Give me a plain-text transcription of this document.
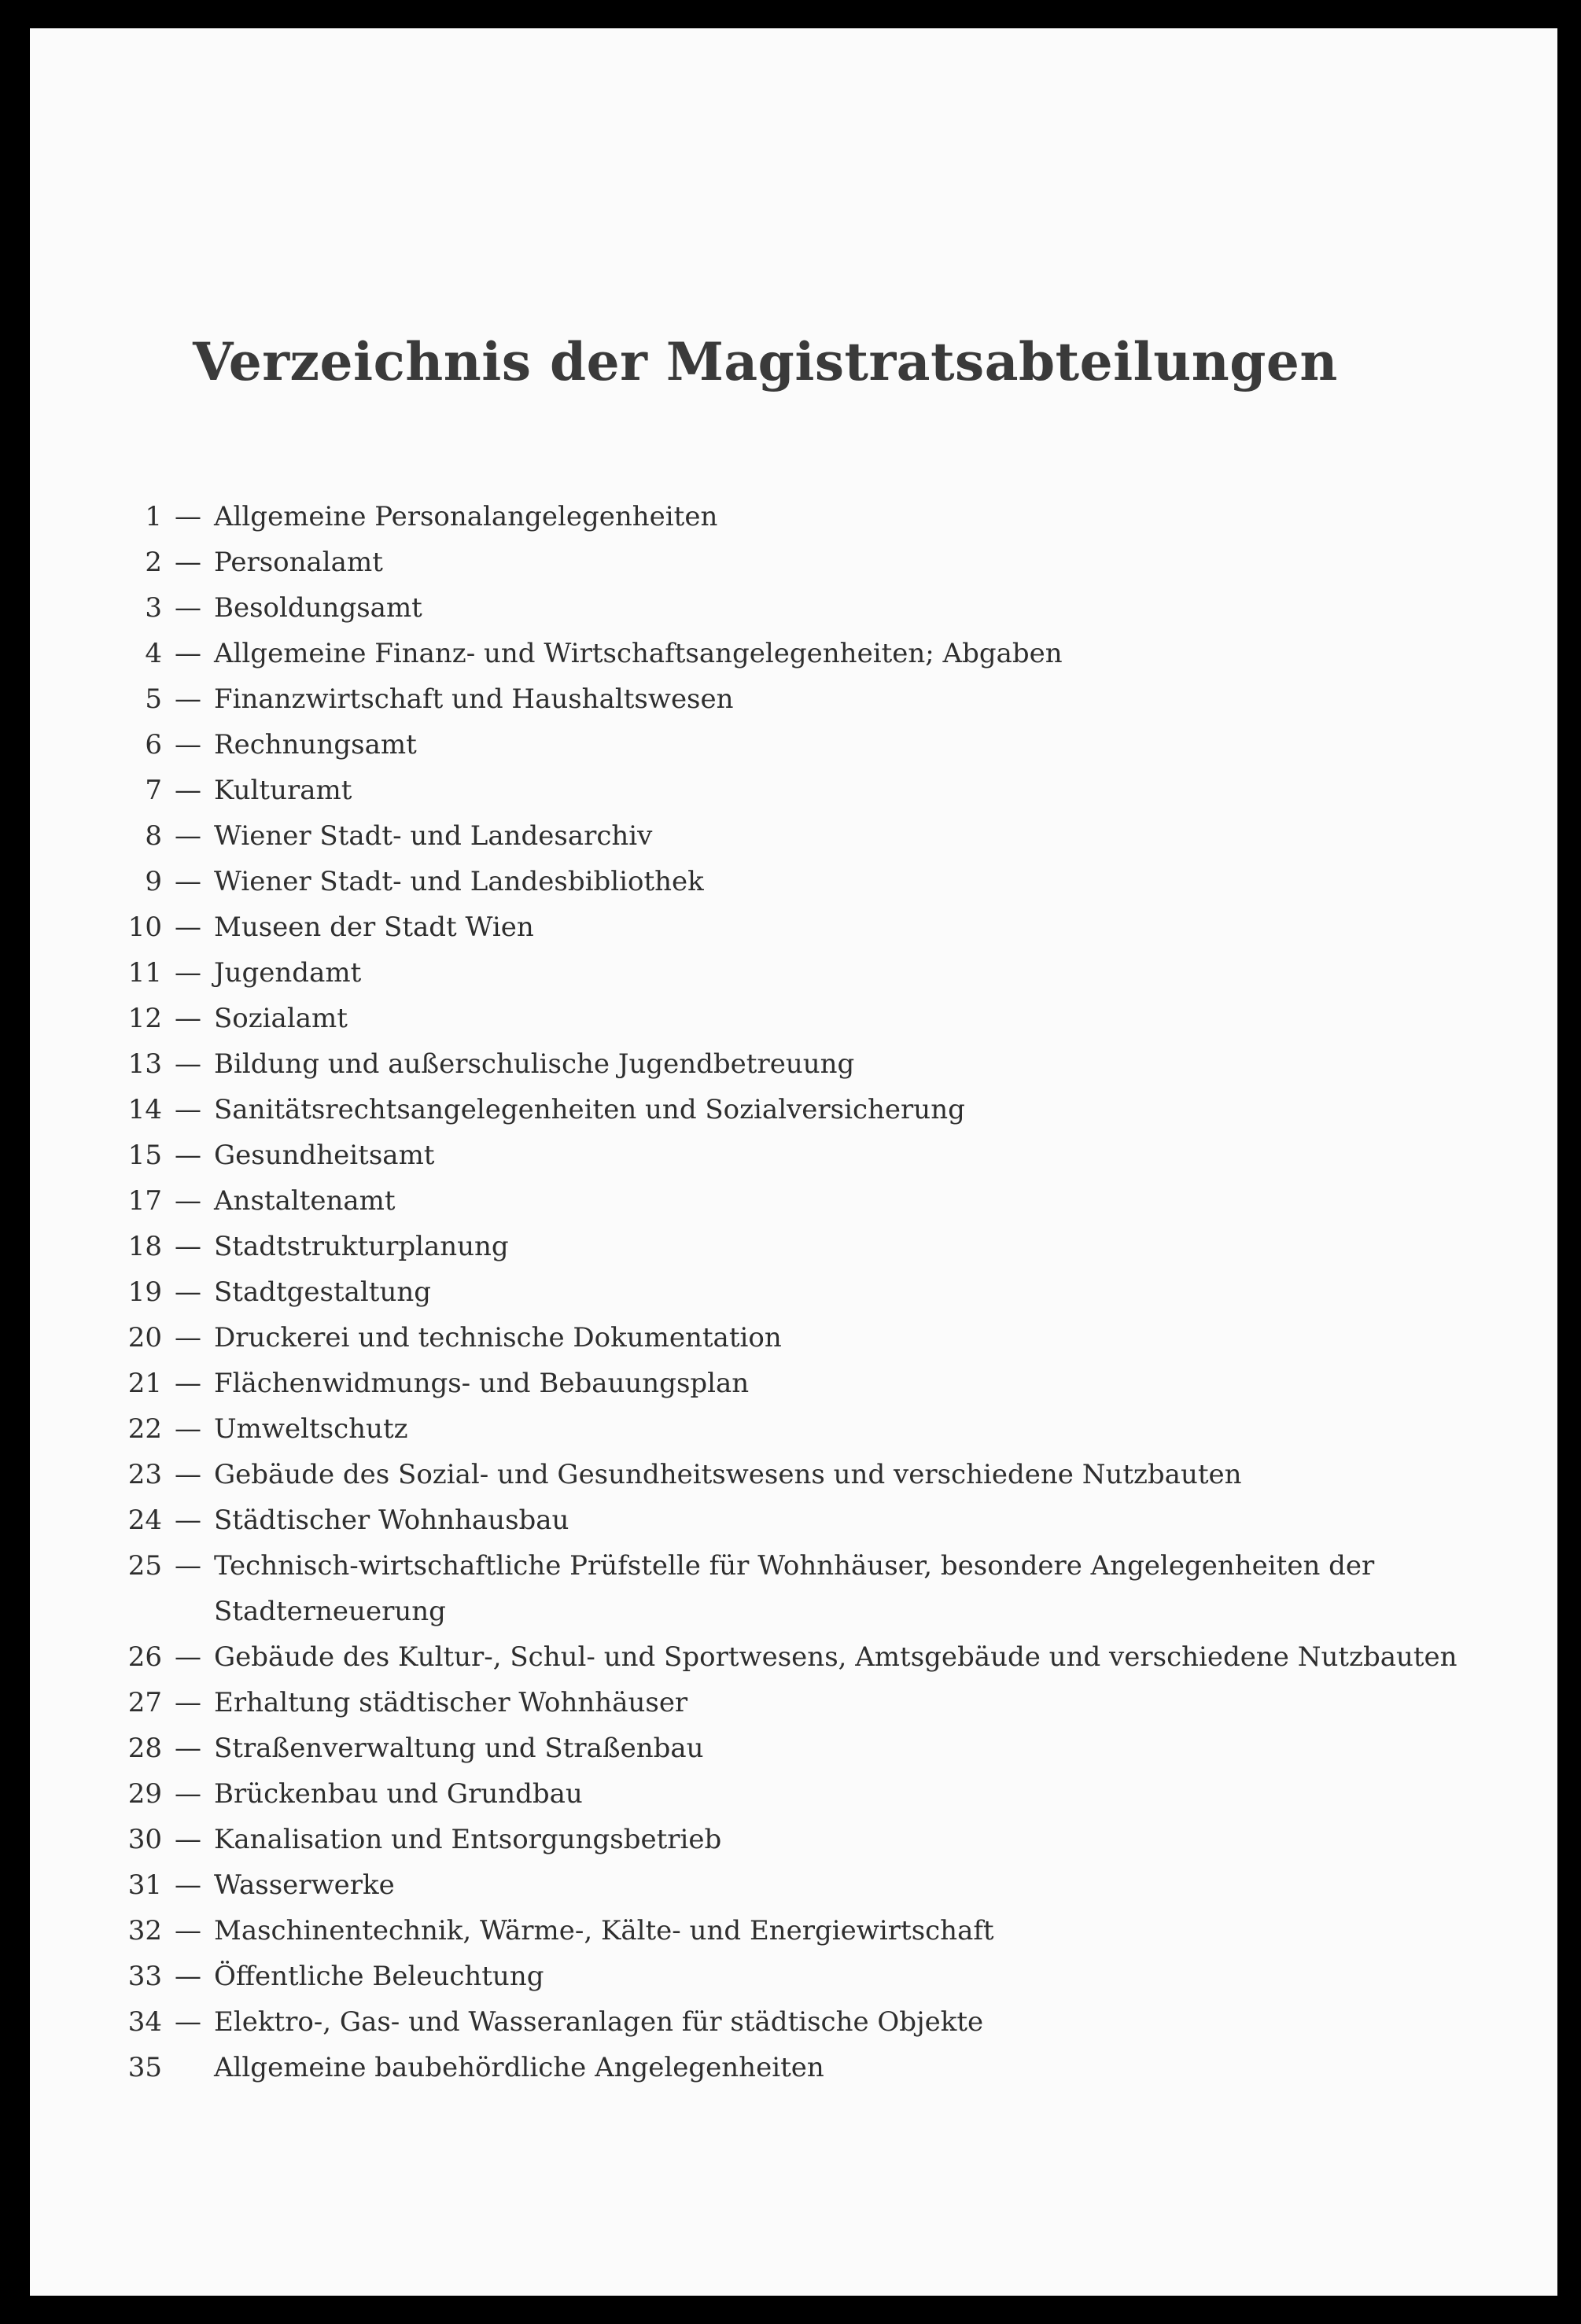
Verzeichnis der Magistratsabteilungen
1 — Allgemeine Personalangelegenheiten
2 — Personalamt
3 — Besoldungsamt
4 — Allgemeine Finanz- und Wirtschaftsangelegenheiten; Abgaben
5 — Finanzwirtschaft und Haushaltswesen
6 — Rechnungsamt
7 — Kulturamt
8 — Wiener Stadt- und Landesarchiv
9 — Wiener Stadt- und Landesbibliothek
10 — Museen der Stadt Wien
11 — Jugendamt
12 — Sozialamt
13 — Bildung und außerschulische Jugendbetreuung
14 — Sanitätsrechtsangelegenheiten und Sozialversicherung
15 — Gesundheitsamt
17 — Anstaltenamt
18 — Stadtstrukturplanung
19 — Stadtgestaltung
20 — Druckerei und technische Dokumentation
21 — Flächenwidmungs- und Bebauungsplan
22 — Umweltschutz
23 — Gebäude des Sozial- und Gesundheitswesens und verschiedene Nutzbauten
24 — Städtischer Wohnhausbau
25 — Technisch-wirtschaftliche Prüfstelle für Wohnhäuser, besondere Angelegenheiten der Stadterneuerung
26 — Gebäude des Kultur-, Schul- und Sportwesens, Amtsgebäude und verschiedene Nutzbauten
27 — Erhaltung städtischer Wohnhäuser
28 — Straßenverwaltung und Straßenbau
29 — Brückenbau und Grundbau
30 — Kanalisation und Entsorgungsbetrieb
31 — Wasserwerke
32 — Maschinentechnik, Wärme-, Kälte- und Energiewirtschaft
33 — Öffentliche Beleuchtung
34 — Elektro-, Gas- und Wasseranlagen für städtische Objekte
35 Allgemeine baubehördliche Angelegenheiten
